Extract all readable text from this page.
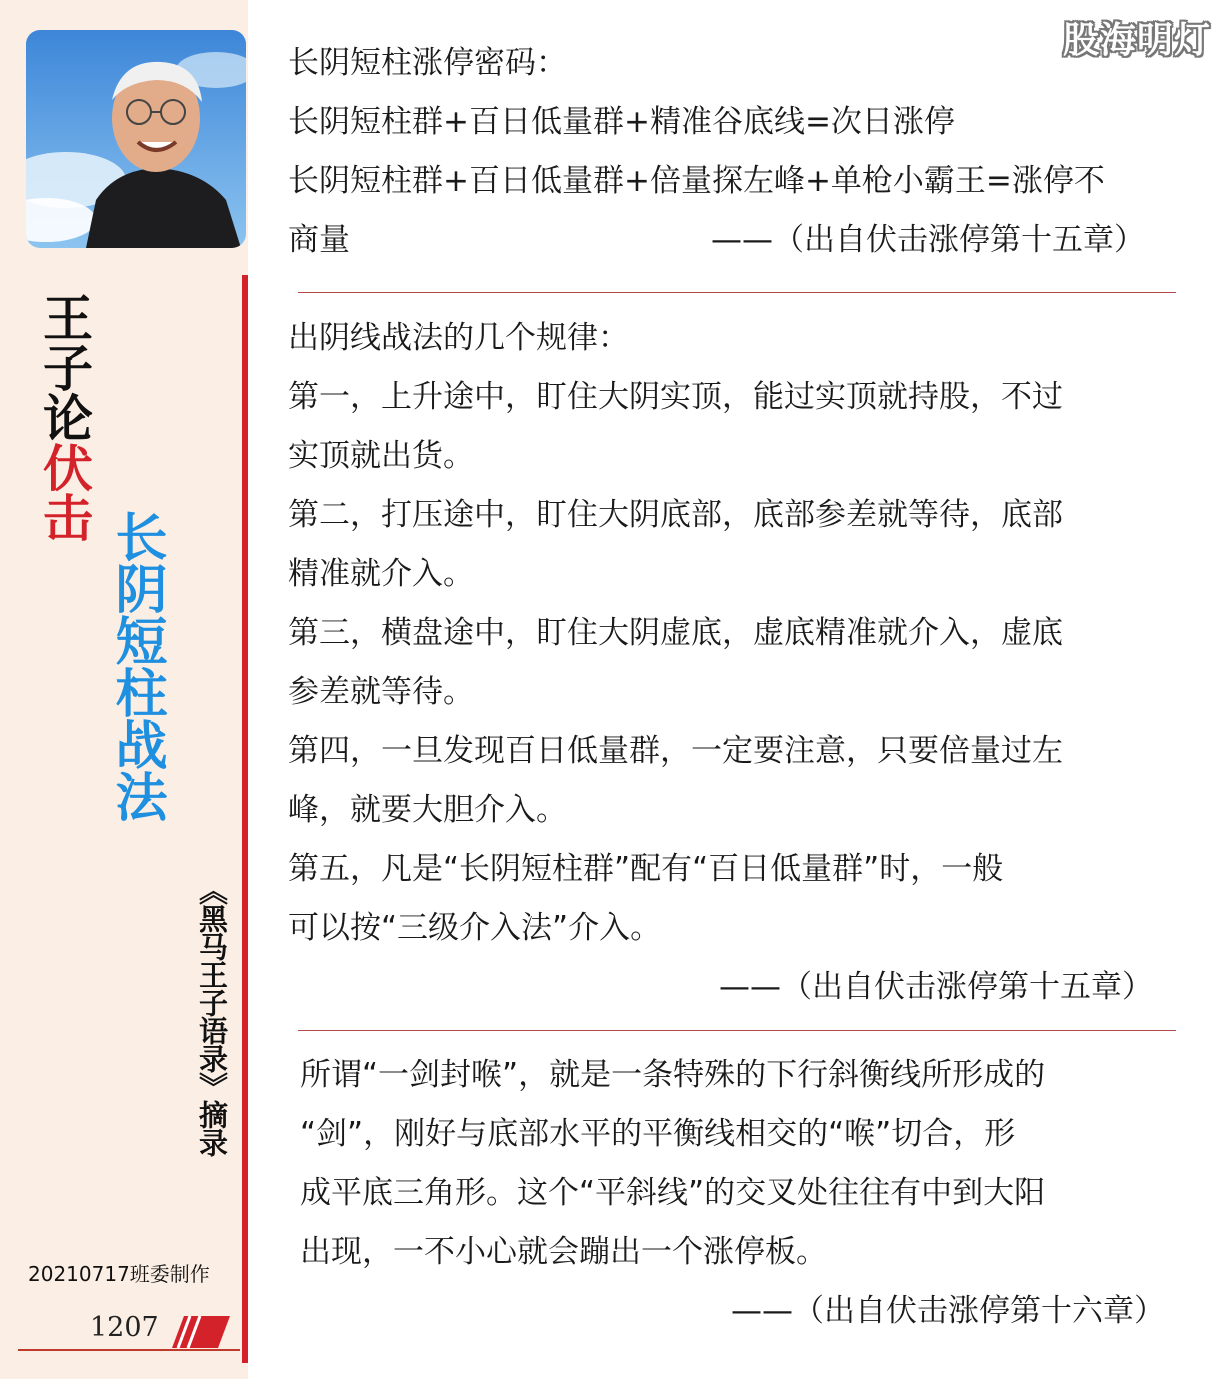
王子论伏击
长阴短柱战法
《黑马王子语录》摘录
20210717班委制作
1207
股海明灯

长阴短柱涨停密码：

长阴短柱群+百日低量群+精准谷底线=次日涨停

长阴短柱群+百日低量群+倍量探左峰+单枪小霸王=涨停不

商量	——（出自伏击涨停第十五章）

出阴线战法的几个规律：

第一，上升途中，盯住大阴实顶，能过实顶就持股，不过

实顶就出货。

第二，打压途中，盯住大阴底部，底部参差就等待，底部

精准就介入。

第三，横盘途中，盯住大阴虚底，虚底精准就介入，虚底

参差就等待。

第四，一旦发现百日低量群，一定要注意，只要倍量过左

峰，就要大胆介入。

第五，凡是“长阴短柱群”配有“百日低量群”时，一般

可以按“三级介入法”介入。

——（出自伏击涨停第十五章）

所谓“一剑封喉”，就是一条特殊的下行斜衡线所形成的

“剑”，刚好与底部水平的平衡线相交的“喉”切合，形

成平底三角形。这个“平斜线”的交叉处往往有中到大阳

出现，一不小心就会蹦出一个涨停板。

——（出自伏击涨停第十六章）
